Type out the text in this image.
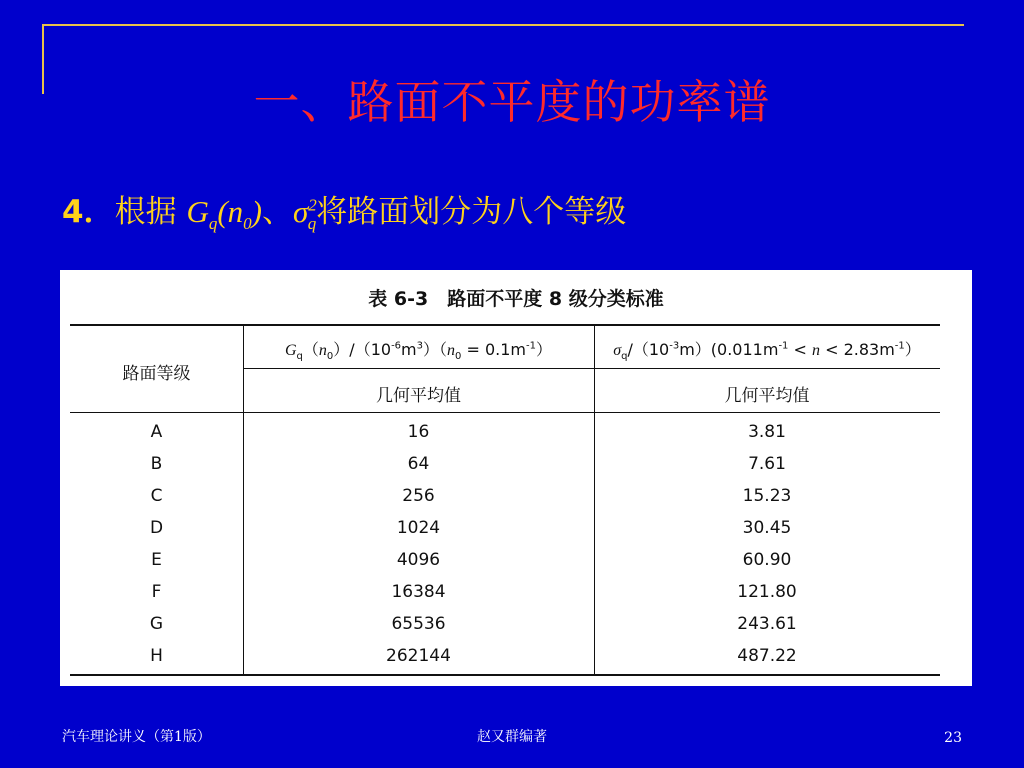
一、路面不平度的功率谱
4．根据 $G_q(n_0)$、$\sigma^2_q$将路面划分为八个等级
表 6-3　路面不平度 8 级分类标准
路面等级
$G_q(n_0)/(10^{-6}m^3)(n_0 = 0.1m^{-1})$	$\sigma_q/(10^{-3}m)(0.011m^{-1} < n < 2.83m^{-1})$
几何平均值	几何平均值
A	16	3.81
B	64	7.61
C	256	15.23
D	1024	30.45
E	4096	60.90
F	16384	121.80
G	65536	243.61
H	262144	487.22
汽车理论讲义（第1版）	赵又群编著	23
